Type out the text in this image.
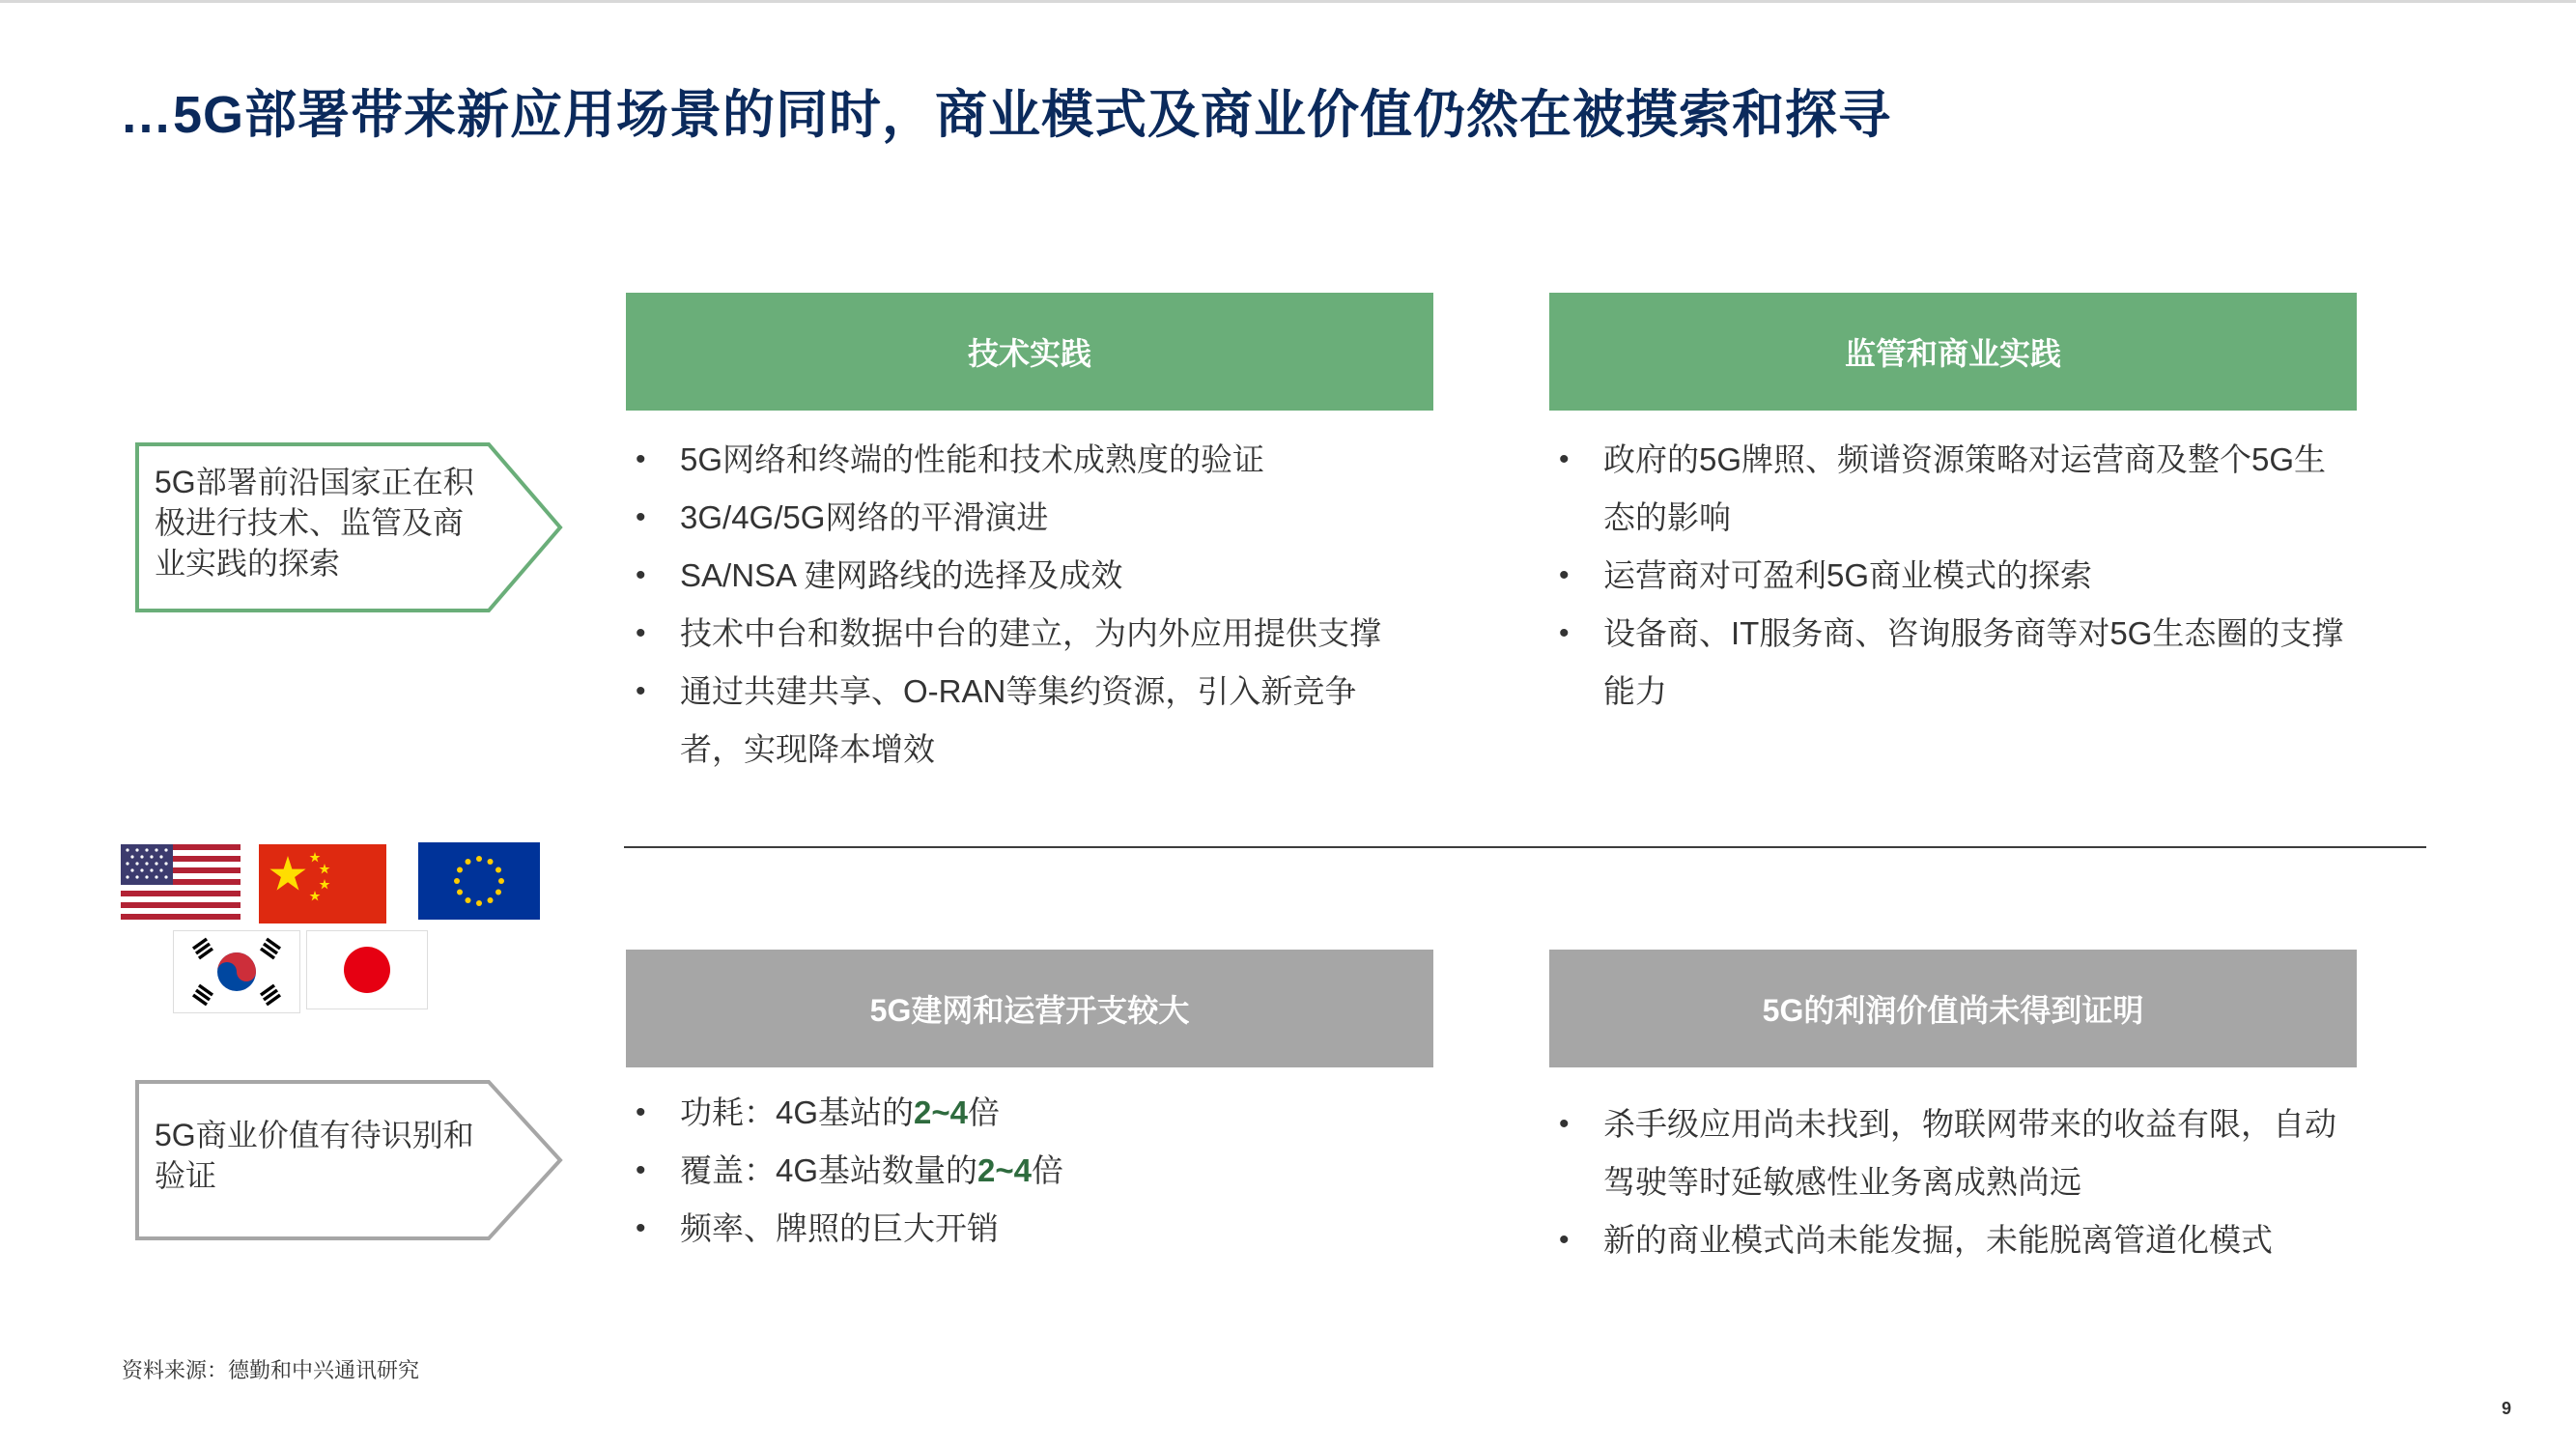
…5G部署带来新应用场景的同时，商业模式及商业价值仍然在被摸索和探寻
5G部署前沿国家正在积
极进行技术、监管及商
业实践的探索
5G商业价值有待识别和
验证
技术实践
• 5G网络和终端的性能和技术成熟度的验证
• 3G/4G/5G网络的平滑演进
• SA/NSA 建网路线的选择及成效
• 技术中台和数据中台的建立，为内外应用提供支撑
• 通过共建共享、O-RAN等集约资源，引入新竞争者，实现降本增效
监管和商业实践
• 政府的5G牌照、频谱资源策略对运营商及整个5G生态的影响
• 运营商对可盈利5G商业模式的探索
• 设备商、IT服务商、咨询服务商等对5G生态圈的支撑能力
5G建网和运营开支较大
• 功耗：4G基站的2~4倍
• 覆盖：4G基站数量的2~4倍
• 频率、牌照的巨大开销
5G的利润价值尚未得到证明
• 杀手级应用尚未找到，物联网带来的收益有限，自动驾驶等时延敏感性业务离成熟尚远
• 新的商业模式尚未能发掘，未能脱离管道化模式
资料来源：德勤和中兴通讯研究
9
